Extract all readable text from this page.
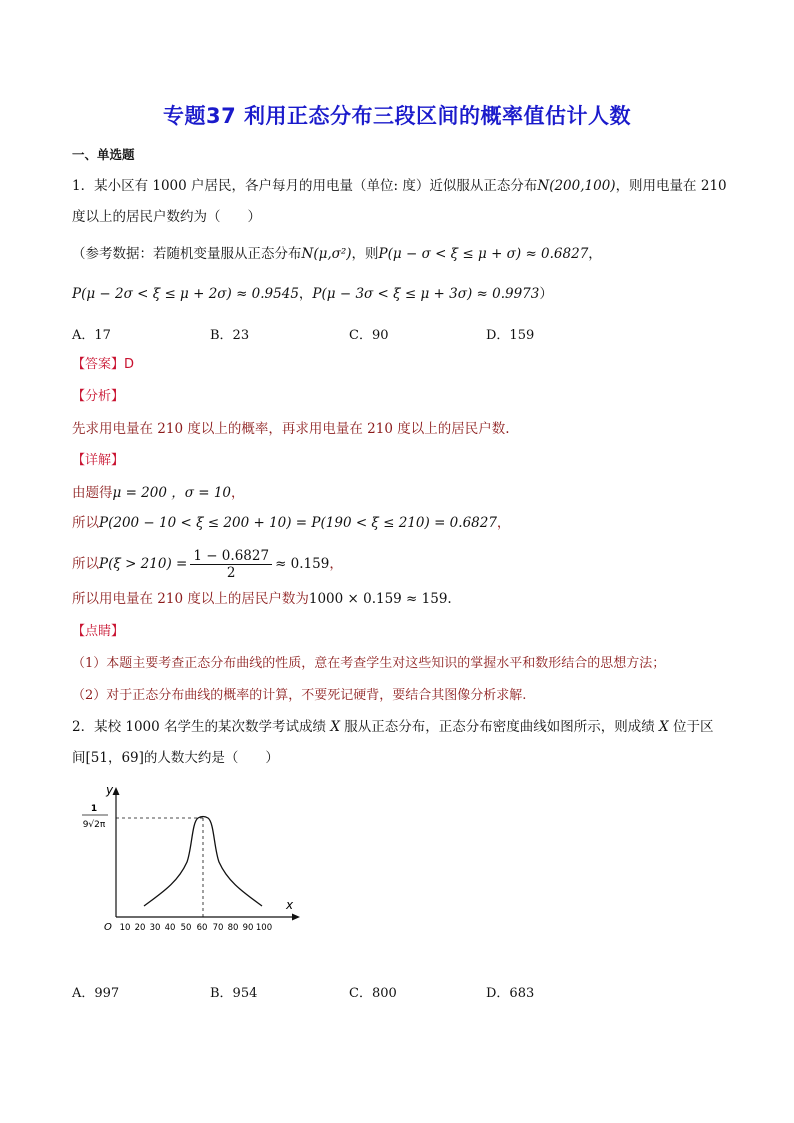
专题37 利用正态分布三段区间的概率值估计人数
一、单选题
1．某小区有 1000 户居民，各户每月的用电量（单位: 度）近似服从正态分布N(200,100)，则用电量在 210
度以上的居民户数约为（　　）
（参考数据：若随机变量服从正态分布N(μ,σ²)，则P(μ − σ < ξ ≤ μ + σ) ≈ 0.6827，
P(μ − 2σ < ξ ≤ μ + 2σ) ≈ 0.9545，P(μ − 3σ < ξ ≤ μ + 3σ) ≈ 0.9973）
A．17	B．23	C．90	D．159
【答案】D
【分析】
先求用电量在 210 度以上的概率，再求用电量在 210 度以上的居民户数.
【详解】
由题得μ = 200 ，σ = 10，
所以P(200 − 10 < ξ ≤ 200 + 10) = P(190 < ξ ≤ 210) = 0.6827，
所以$P(\xi > 210) = \frac{1 - 0.6827}{2} \approx 0.159$，
所以用电量在 210 度以上的居民户数为1000 × 0.159 ≈ 159.
【点睛】
（1）本题主要考查正态分布曲线的性质，意在考查学生对这些知识的掌握水平和数形结合的思想方法；
（2）对于正态分布曲线的概率的计算，不要死记硬背，要结合其图像分析求解.
2．某校 1000 名学生的某次数学考试成绩 X 服从正态分布，正态分布密度曲线如图所示，则成绩 X 位于区
间[51，69]的人数大约是（　　）
y
x
O
1
9√2π
10 20 30 40 50 60 70 80 90 100
A．997	B．954	C．800	D．683
